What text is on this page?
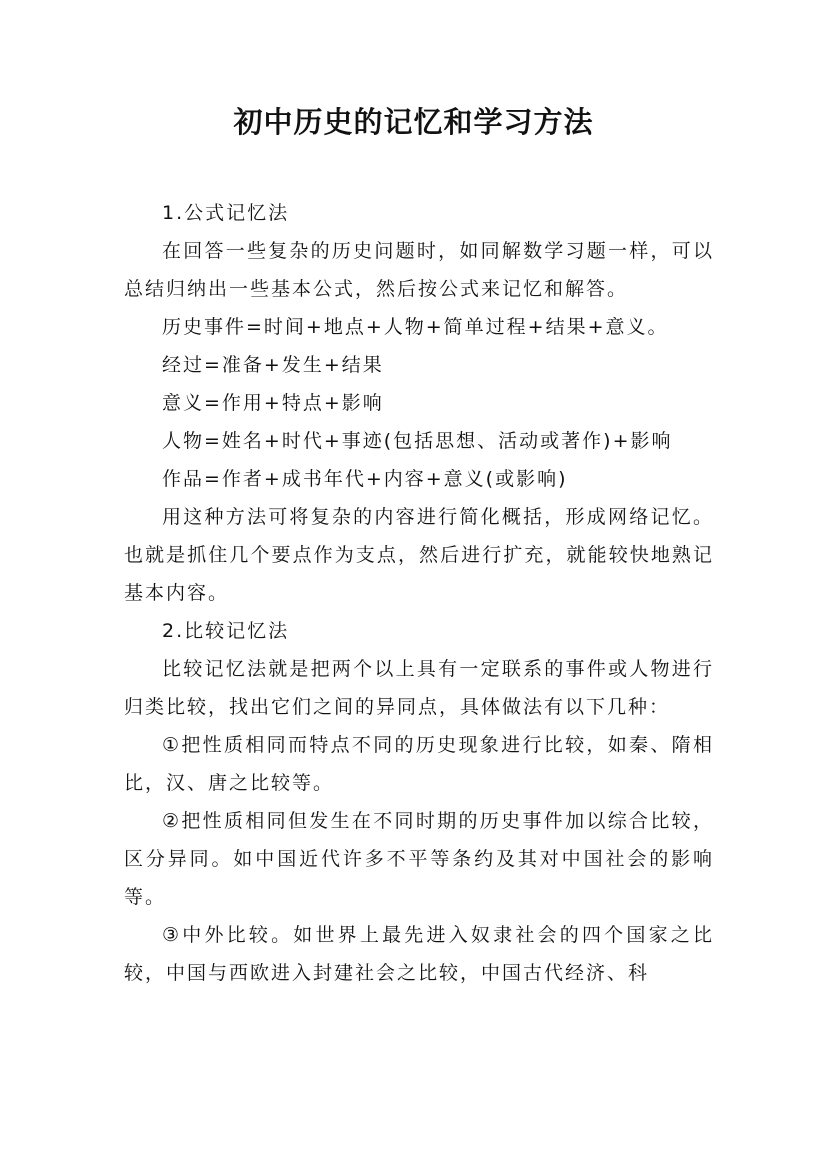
初中历史的记忆和学习方法

1.公式记忆法

在回答一些复杂的历史问题时，如同解数学习题一样，可以总结归纳出一些基本公式，然后按公式来记忆和解答。

历史事件=时间+地点+人物+简单过程+结果+意义。

经过=准备+发生+结果

意义=作用+特点+影响

人物=姓名+时代+事迹(包括思想、活动或著作)+影响

作品=作者+成书年代+内容+意义(或影响)

用这种方法可将复杂的内容进行简化概括，形成网络记忆。也就是抓住几个要点作为支点，然后进行扩充，就能较快地熟记基本内容。

2.比较记忆法

比较记忆法就是把两个以上具有一定联系的事件或人物进行归类比较，找出它们之间的异同点，具体做法有以下几种：

①把性质相同而特点不同的历史现象进行比较，如秦、隋相比，汉、唐之比较等。

②把性质相同但发生在不同时期的历史事件加以综合比较，区分异同。如中国近代许多不平等条约及其对中国社会的影响等。

③中外比较。如世界上最先进入奴隶社会的四个国家之比较，中国与西欧进入封建社会之比较，中国古代经济、科
